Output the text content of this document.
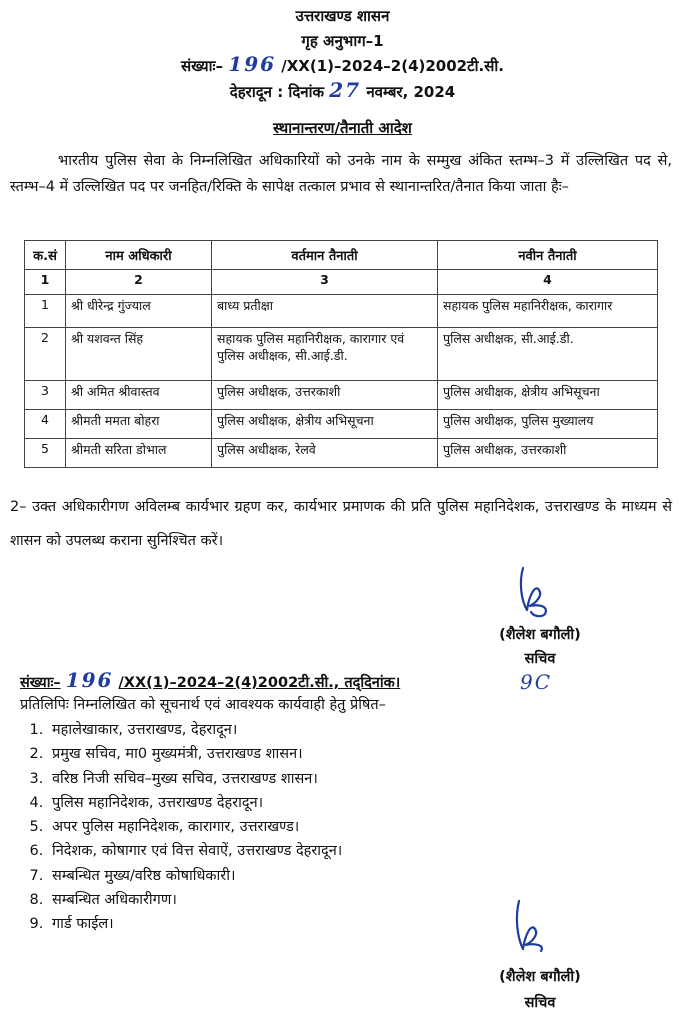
उत्तराखण्ड शासन
गृह अनुभाग–1
संख्याः– 196 /XX(1)–2024–2(4)2002टी.सी.
देहरादून : दिनांक 27 नवम्बर, 2024
स्थानान्तरण/तैनाती आदेश
भारतीय पुलिस सेवा के निम्नलिखित अधिकारियों को उनके नाम के सम्मुख अंकित स्तम्भ–3 में उल्लिखित पद से, स्तम्भ–4 में उल्लिखित पद पर जनहित/रिक्ति के सापेक्ष तत्काल प्रभाव से स्थानान्तरित/तैनात किया जाता हैः–
क.सं	नाम अधिकारी	वर्तमान तैनाती	नवीन तैनाती
1	2	3	4
1	श्री धीरेन्द्र गुंज्याल	बाध्य प्रतीक्षा	सहायक पुलिस महानिरीक्षक, कारागार
2	श्री यशवन्त सिंह	सहायक पुलिस महानिरीक्षक, कारागार एवं पुलिस अधीक्षक, सी.आई.डी.	पुलिस अधीक्षक, सी.आई.डी.
3	श्री अमित श्रीवास्तव	पुलिस अधीक्षक, उत्तरकाशी	पुलिस अधीक्षक, क्षेत्रीय अभिसूचना
4	श्रीमती ममता बोहरा	पुलिस अधीक्षक, क्षेत्रीय अभिसूचना	पुलिस अधीक्षक, पुलिस मुख्यालय
5	श्रीमती सरिता डोभाल	पुलिस अधीक्षक, रेलवे	पुलिस अधीक्षक, उत्तरकाशी
2– उक्त अधिकारीगण अविलम्ब कार्यभार ग्रहण कर, कार्यभार प्रमाणक की प्रति पुलिस महानिदेशक, उत्तराखण्ड के माध्यम से शासन को उपलब्ध कराना सुनिश्चित करें।
(शैलेश बगौली)
सचिव
9C
संख्याः– 196 /XX(1)–2024–2(4)2002टी.सी., तद्‌दिनांक।
प्रतिलिपिः निम्नलिखित को सूचनार्थ एवं आवश्यक कार्यवाही हेतु प्रेषित–
1. महालेखाकार, उत्तराखण्ड, देहरादून।
2. प्रमुख सचिव, मा0 मुख्यमंत्री, उत्तराखण्ड शासन।
3. वरिष्ठ निजी सचिव–मुख्य सचिव, उत्तराखण्ड शासन।
4. पुलिस महानिदेशक, उत्तराखण्ड देहरादून।
5. अपर पुलिस महानिदेशक, कारागार, उत्तराखण्ड।
6. निदेशक, कोषागार एवं वित्त सेवाऐं, उत्तराखण्ड देहरादून।
7. सम्बन्धित मुख्य/वरिष्ठ कोषाधिकारी।
8. सम्बन्धित अधिकारीगण।
9. गार्ड फाईल।
(शैलेश बगौली)
सचिव
